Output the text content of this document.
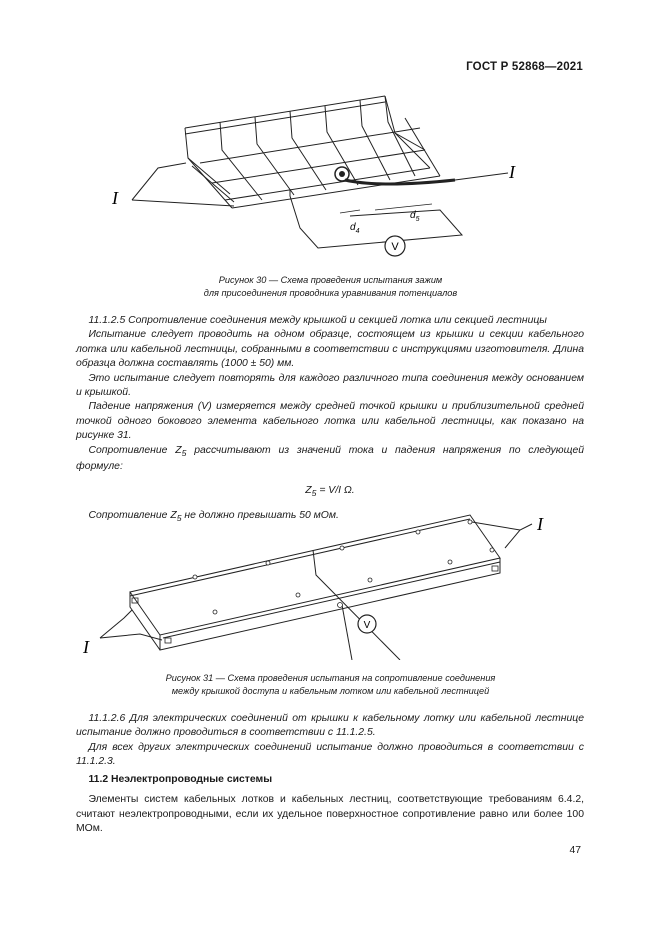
ГОСТ Р 52868—2021
V
I
I
$d_4$
$d_5$
Рисунок 30 — Схема проведения испытания зажим
для присоединения проводника уравнивания потенциалов

11.1.2.5 Сопротивление соединения между крышкой и секцией лотка или секцией лестницы

Испытание следует проводить на одном образце, состоящем из крышки и секции кабельного лотка или кабельной лестницы, собранными в соответствии с инструкциями изготовителя. Длина образца должна составлять (1000 ± 50) мм.

Это испытание следует повторять для каждого различного типа соединения между основанием и крышкой.

Падение напряжения (V) измеряется между средней точкой крышки и приблизительной средней точкой одного бокового элемента кабельного лотка или кабельной лестницы, как показано на рисунке 31.

Сопротивление $Z_5$ рассчитывают из значений тока и падения напряжения по следующей формуле:

$Z_5 = V/I$ Ω.

Сопротивление $Z_5$ не должно превышать 50 мОм.

V
I
I
Рисунок 31 — Схема проведения испытания на сопротивление соединения
между крышкой доступа и кабельным лотком или кабельной лестницей

11.1.2.6 Для электрических соединений от крышки к кабельному лотку или кабельной лестнице испытание должно проводиться в соответствии с 11.1.2.5.

Для всех других электрических соединений испытание должно проводиться в соответствии с 11.1.2.3.

11.2 Неэлектропроводные системы

Элементы систем кабельных лотков и кабельных лестниц, соответствующие требованиям 6.4.2, считают неэлектропроводными, если их удельное поверхностное сопротивление равно или более 100 МОм.

47
